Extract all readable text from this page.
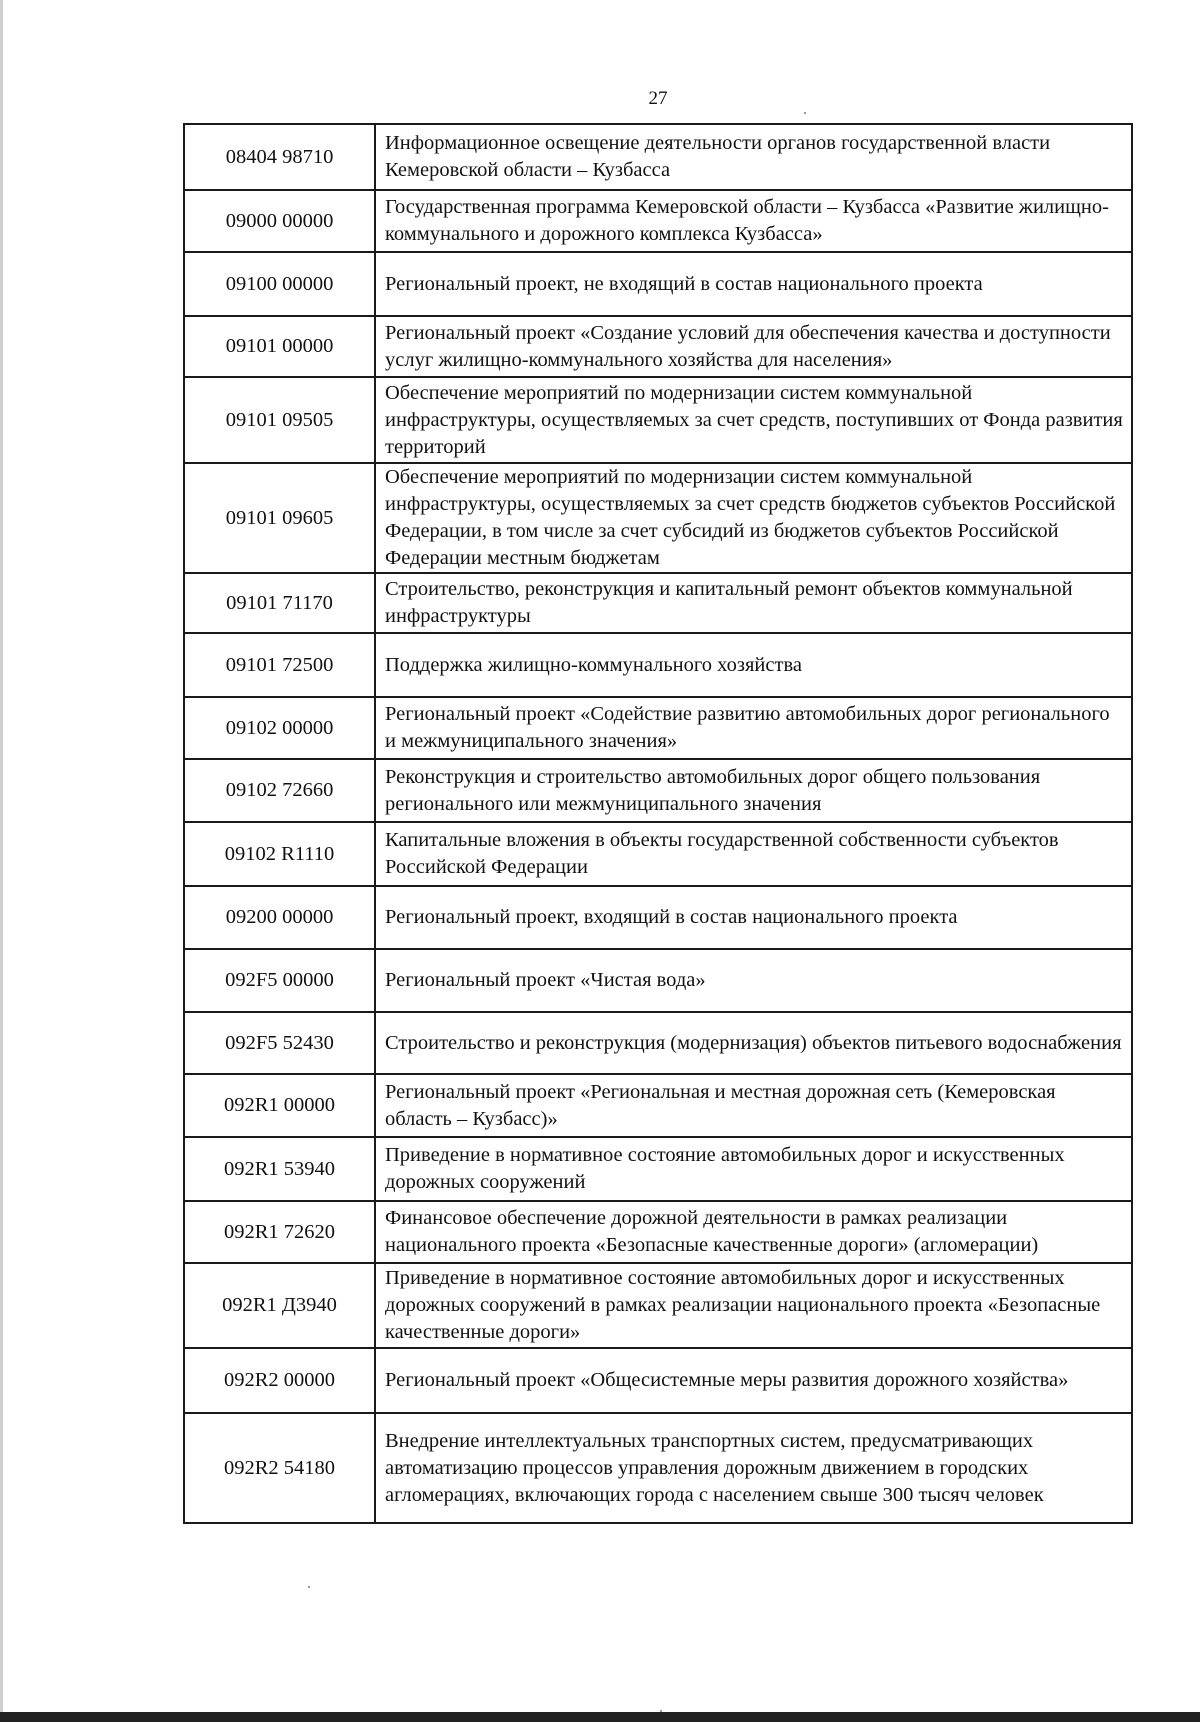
27
08404 98710	Информационное освещение деятельности органов государственной власти Кемеровской области – Кузбасса
09000 00000	Государственная программа Кемеровской области – Кузбасса «Развитие жилищно-коммунального и дорожного комплекса Кузбасса»
09100 00000	Региональный проект, не входящий в состав национального проекта
09101 00000	Региональный проект «Создание условий для обеспечения качества и доступности услуг жилищно-коммунального хозяйства для населения»
09101 09505	Обеспечение мероприятий по модернизации систем коммунальной инфраструктуры, осуществляемых за счет средств, поступивших от Фонда развития территорий
09101 09605	Обеспечение мероприятий по модернизации систем коммунальной инфраструктуры, осуществляемых за счет средств бюджетов субъектов Российской Федерации, в том числе за счет субсидий из бюджетов субъектов Российской Федерации местным бюджетам
09101 71170	Строительство, реконструкция и капитальный ремонт объектов коммунальной инфраструктуры
09101 72500	Поддержка жилищно-коммунального хозяйства
09102 00000	Региональный проект «Содействие развитию автомобильных дорог регионального и межмуниципального значения»
09102 72660	Реконструкция и строительство автомобильных дорог общего пользования регионального или межмуниципального значения
09102 R1110	Капитальные вложения в объекты государственной собственности субъектов Российской Федерации
09200 00000	Региональный проект, входящий в состав национального проекта
092F5 00000	Региональный проект «Чистая вода»
092F5 52430	Строительство и реконструкция (модернизация) объектов питьевого водоснабжения
092R1 00000	Региональный проект «Региональная и местная дорожная сеть (Кемеровская область – Кузбасс)»
092R1 53940	Приведение в нормативное состояние автомобильных дорог и искусственных дорожных сооружений
092R1 72620	Финансовое обеспечение дорожной деятельности в рамках реализации национального проекта «Безопасные качественные дороги» (агломерации)
092R1 Д3940	Приведение в нормативное состояние автомобильных дорог и искусственных дорожных сооружений в рамках реализации национального проекта «Безопасные качественные дороги»
092R2 00000	Региональный проект «Общесистемные меры развития дорожного хозяйства»
092R2 54180	Внедрение интеллектуальных транспортных систем, предусматривающих автоматизацию процессов управления дорожным движением в городских агломерациях, включающих города с населением свыше 300 тысяч человек
